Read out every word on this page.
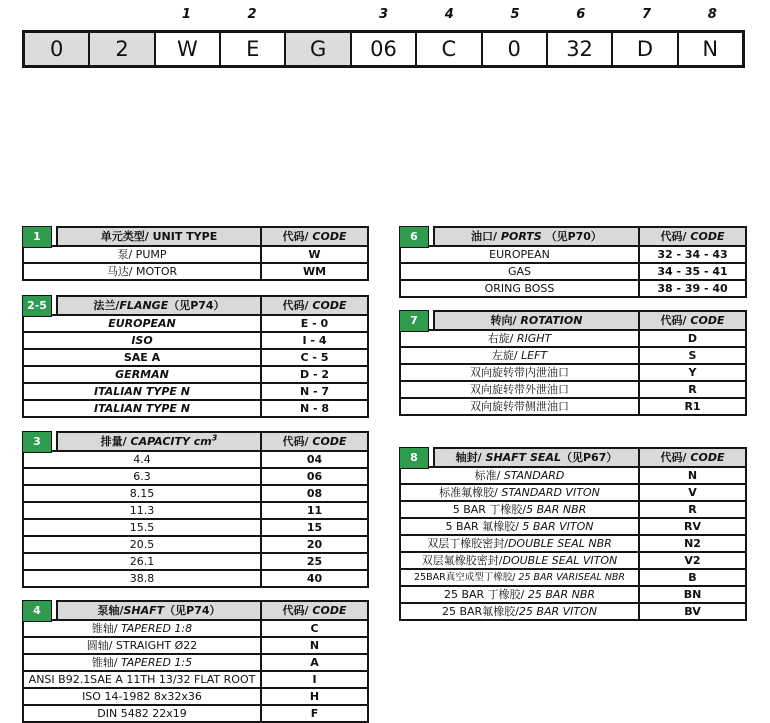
1	2	3	4	5	6	7	8
0	2	W	E	G	06	C	0	32	D	N
1	单元类型/ UNIT TYPE	代码/ CODE
泵/ PUMP	W
马达/ MOTOR	WM
2-5	法兰/FLANGE（见P74）	代码/ CODE
EUROPEAN	E - 0
ISO	I - 4
SAE A	C - 5
GERMAN	D - 2
ITALIAN TYPE N	N - 7
ITALIAN TYPE N	N - 8
3	排量/ CAPACITY $cm^3$	代码/ CODE
4.4	04
6.3	06
8.15	08
11.3	11
15.5	15
20.5	20
26.1	25
38.8	40
4	泵轴/SHAFT（见P74）	代码/ CODE
锥轴/ TAPERED 1:8	C
圆轴/ STRAIGHT Ø22	N
锥轴/ TAPERED 1:5	A
ANSI B92.1SAE A 11TH 13/32 FLAT ROOT	I
ISO 14-1982 8x32x36	H
DIN 5482 22x19	F
6	油口/ PORTS （见P70）	代码/ CODE
EUROPEAN	32 - 34 - 43
GAS	34 - 35 - 41
ORING BOSS	38 - 39 - 40
7	转向/ ROTATION	代码/ CODE
右旋/ RIGHT	D
左旋/ LEFT	S
双向旋转带内泄油口	Y
双向旋转带外泄油口	R
双向旋转带侧泄油口	R1
8	轴封/ SHAFT SEAL（见P67）	代码/ CODE
标准/ STANDARD	N
标准氟橡胶/ STANDARD VITON	V
5 BAR 丁橡胶/5 BAR NBR	R
5 BAR 氟橡胶/ 5 BAR VITON	RV
双层丁橡胶密封/DOUBLE SEAL NBR	N2
双层氟橡胶密封/DOUBLE SEAL VITON	V2
25BAR真空成型丁橡胶/ 25 BAR VARISEAL NBR	B
25 BAR 丁橡胶/ 25 BAR NBR	BN
25 BAR氟橡胶/25 BAR VITON	BV
